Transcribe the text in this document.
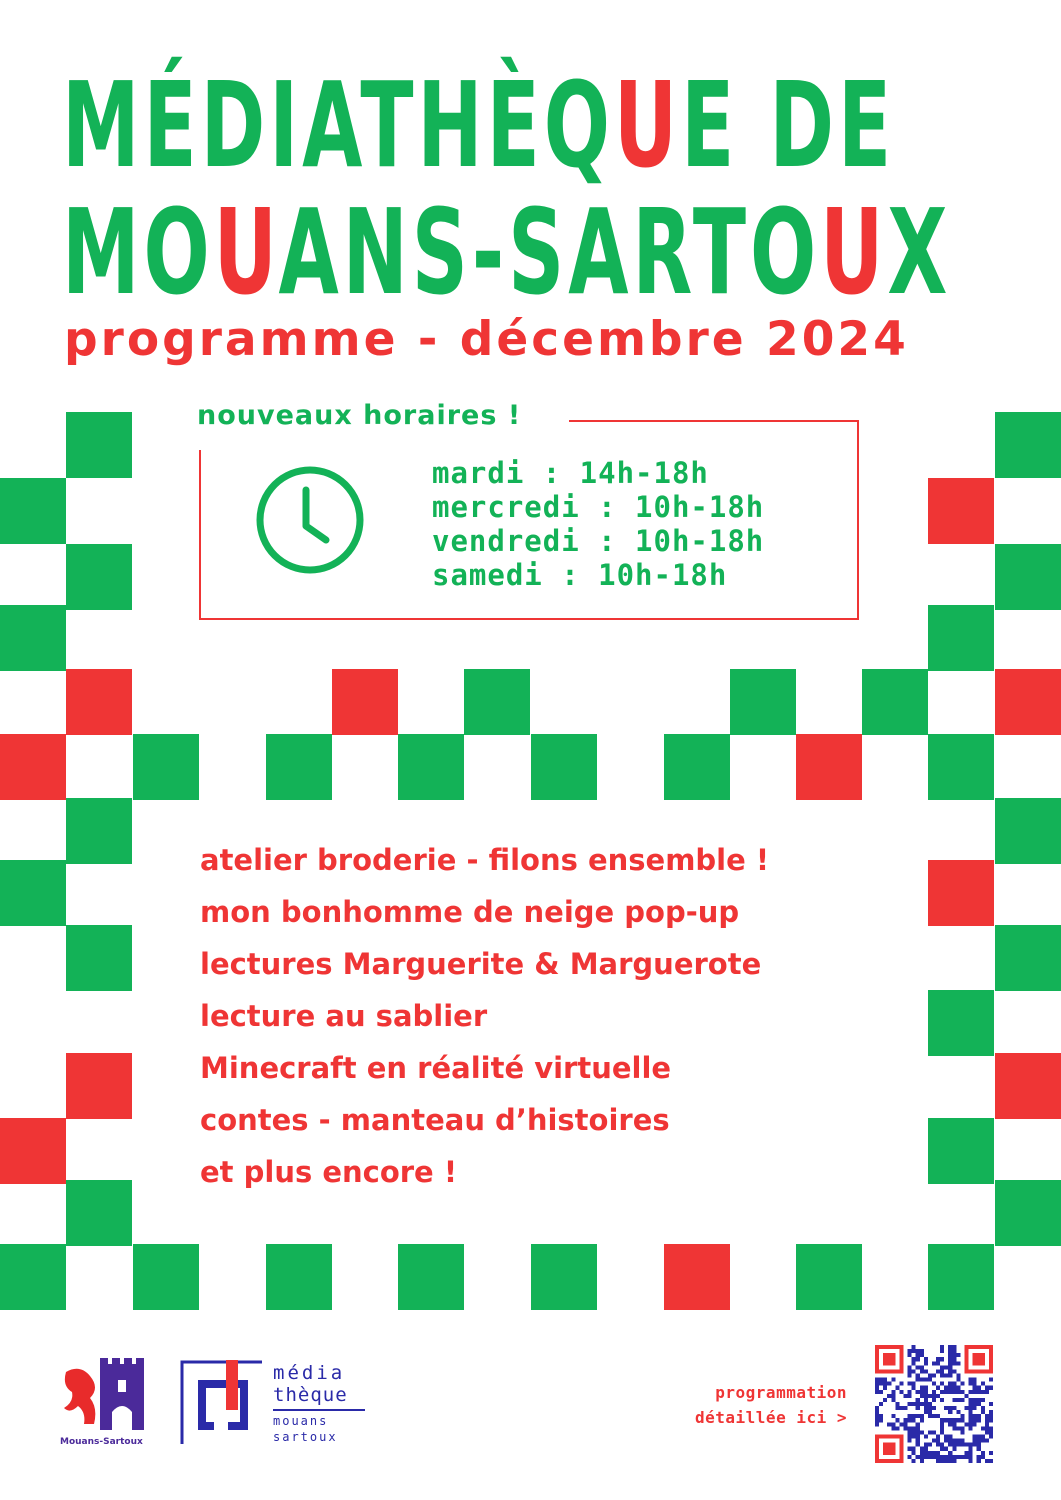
MÉDIATHÈQUE DE
MOUANS-SARTOUX
programme - décembre 2024
nouveaux horaires !
mardi : 14h-18h
mercredi : 10h-18h
vendredi : 10h-18h
samedi : 10h-18h
atelier broderie - filons ensemble !
mon bonhomme de neige pop-up
lectures Marguerite & Marguerote
lecture au sablier
Minecraft en réalité virtuelle
contes - manteau d’histoires
et plus encore !
Mouans-Sartoux
média
thèque
mouans
sartoux
programmation
détaillée ici >
